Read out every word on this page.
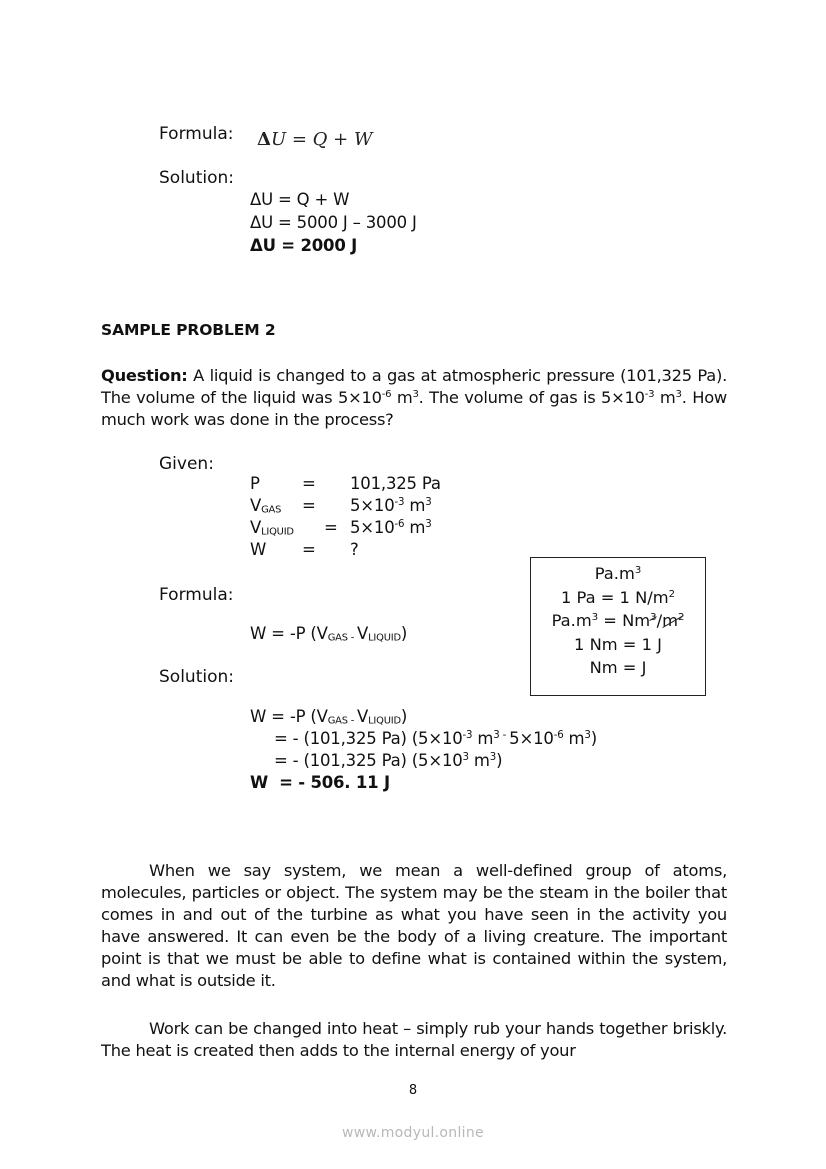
Formula: ΔU = Q + W
Solution:
ΔU = Q + W
ΔU = 5000 J – 3000 J
ΔU = 2000 J
SAMPLE PROBLEM 2
Question: A liquid is changed to a gas at atmospheric pressure (101,325 Pa). The volume of the liquid was $5\times 10^{-6}$ $m^3$. The volume of gas is $5\times 10^{-3}$ $m^3$. How much work was done in the process?
Given:
P	= 101,325 Pa
$V_{GAS} = 5\times 10^{-3}$ $m^3$
$V_{LIQUID} = 5\times 10^{-6}$ $m^3$
W = ?
Formula:
W = -P ($V_{GAS -}$ $V_{LIQUID}$)
Solution:
$Pa.m^3$
1 Pa = 1 $N/m^2$
$Pa.m^3 = Nm^3/m^2$
1 Nm = 1 J
Nm = J
W = -P ($V_{GAS -}$ $V_{LIQUID}$)
= - (101,325 Pa) ($5\times 10^{-3}$ $m^3$ - $5\times 10^{-6}$ $m^3$)
= - (101,325 Pa) ($5\times 10^3$ $m^3$)
W  = - 506. 11 J
When we say system, we mean a well-defined group of atoms, molecules, particles or object. The system may be the steam in the boiler that comes in and out of the turbine as what you have seen in the activity you have answered. It can even be the body of a living creature. The important point is that we must be able to define what is contained within the system, and what is outside it.
Work can be changed into heat – simply rub your hands together briskly. The heat is created then adds to the internal energy of your
8
www.modyul.online
